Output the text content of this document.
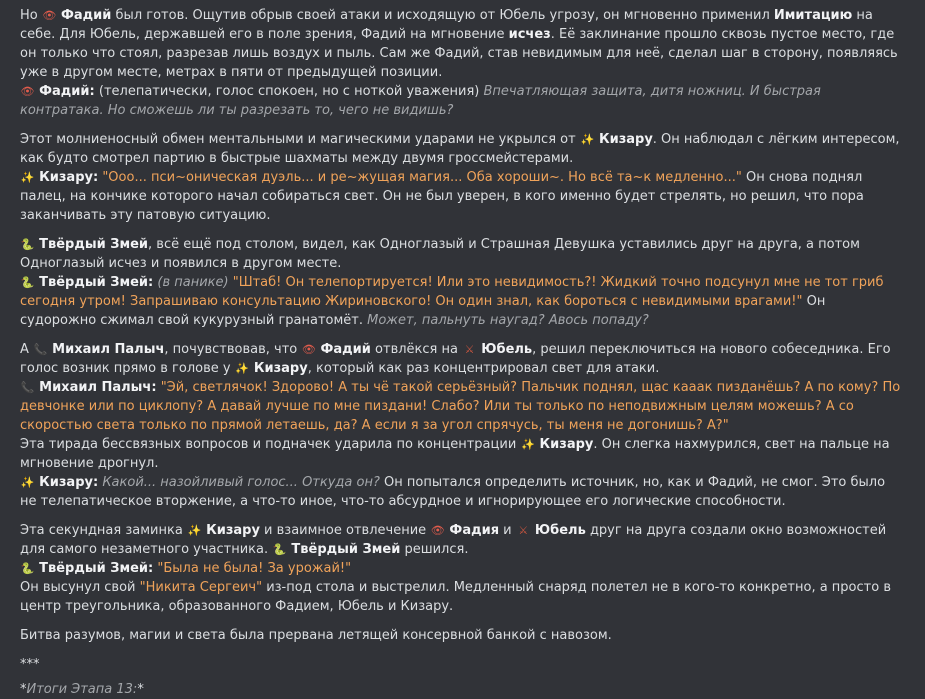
Но 👁 Фадий был готов. Ощутив обрыв своей атаки и исходящую от Юбель угрозу, он мгновенно применил Имитацию на себе. Для Юбель, державшей его в поле зрения, Фадий на мгновение исчез. Её заклинание прошло сквозь пустое место, где он только что стоял, разрезав лишь воздух и пыль. Сам же Фадий, став невидимым для неё, сделал шаг в сторону, появляясь уже в другом месте, метрах в пяти от предыдущей позиции.

👁 Фадий: (телепатически, голос спокоен, но с ноткой уважения) Впечатляющая защита, дитя ножниц. И быстрая контратака. Но сможешь ли ты разрезать то, чего не видишь?

Этот молниеносный обмен ментальными и магическими ударами не укрылся от ✨ Кизару. Он наблюдал с лёгким интересом, как будто смотрел партию в быстрые шахматы между двумя гроссмейстерами.

✨ Кизару: "Ооо... пси~оническая дуэль... и ре~жущая магия... Оба хороши~. Но всё та~к медленно..." Он снова поднял палец, на кончике которого начал собираться свет. Он не был уверен, в кого именно будет стрелять, но решил, что пора заканчивать эту патовую ситуацию.

🐍 Твёрдый Змей, всё ещё под столом, видел, как Одноглазый и Страшная Девушка уставились друг на друга, а потом Одноглазый исчез и появился в другом месте.

🐍 Твёрдый Змей: (в панике) "Штаб! Он телепортируется! Или это невидимость?! Жидкий точно подсунул мне не тот гриб сегодня утром! Запрашиваю консультацию Жириновского! Он один знал, как бороться с невидимыми врагами!" Он судорожно сжимал свой кукурузный гранатомёт. Может, пальнуть наугад? Авось попаду?

А 📞 Михаил Палыч, почувствовав, что 👁 Фадий отвлёкся на ⚔ Юбель, решил переключиться на нового собеседника. Его голос возник прямо в голове у ✨ Кизару, который как раз концентрировал свет для атаки.

📞 Михаил Палыч: "Эй, светлячок! Здорово! А ты чё такой серьёзный? Пальчик поднял, щас кааак пизданёшь? А по кому? По девчонке или по циклопу? А давай лучше по мне пиздани! Слабо? Или ты только по неподвижным целям можешь? А со скоростью света только по прямой летаешь, да? А если я за угол спрячусь, ты меня не догонишь? А?"

Эта тирада бессвязных вопросов и подначек ударила по концентрации ✨ Кизару. Он слегка нахмурился, свет на пальце на мгновение дрогнул.

✨ Кизару: Какой... назойливый голос... Откуда он? Он попытался определить источник, но, как и Фадий, не смог. Это было не телепатическое вторжение, а что-то иное, что-то абсурдное и игнорирующее его логические способности.

Эта секундная заминка ✨ Кизару и взаимное отвлечение 👁 Фадия и ⚔ Юбель друг на друга создали окно возможностей для самого незаметного участника. 🐍 Твёрдый Змей решился.

🐍 Твёрдый Змей: "Была не была! За урожай!"

Он высунул свой "Никита Сергеич" из-под стола и выстрелил. Медленный снаряд полетел не в кого-то конкретно, а просто в центр треугольника, образованного Фадием, Юбель и Кизару.

Битва разумов, магии и света была прервана летящей консервной банкой с навозом.

***

*Итоги Этапа 13:*
